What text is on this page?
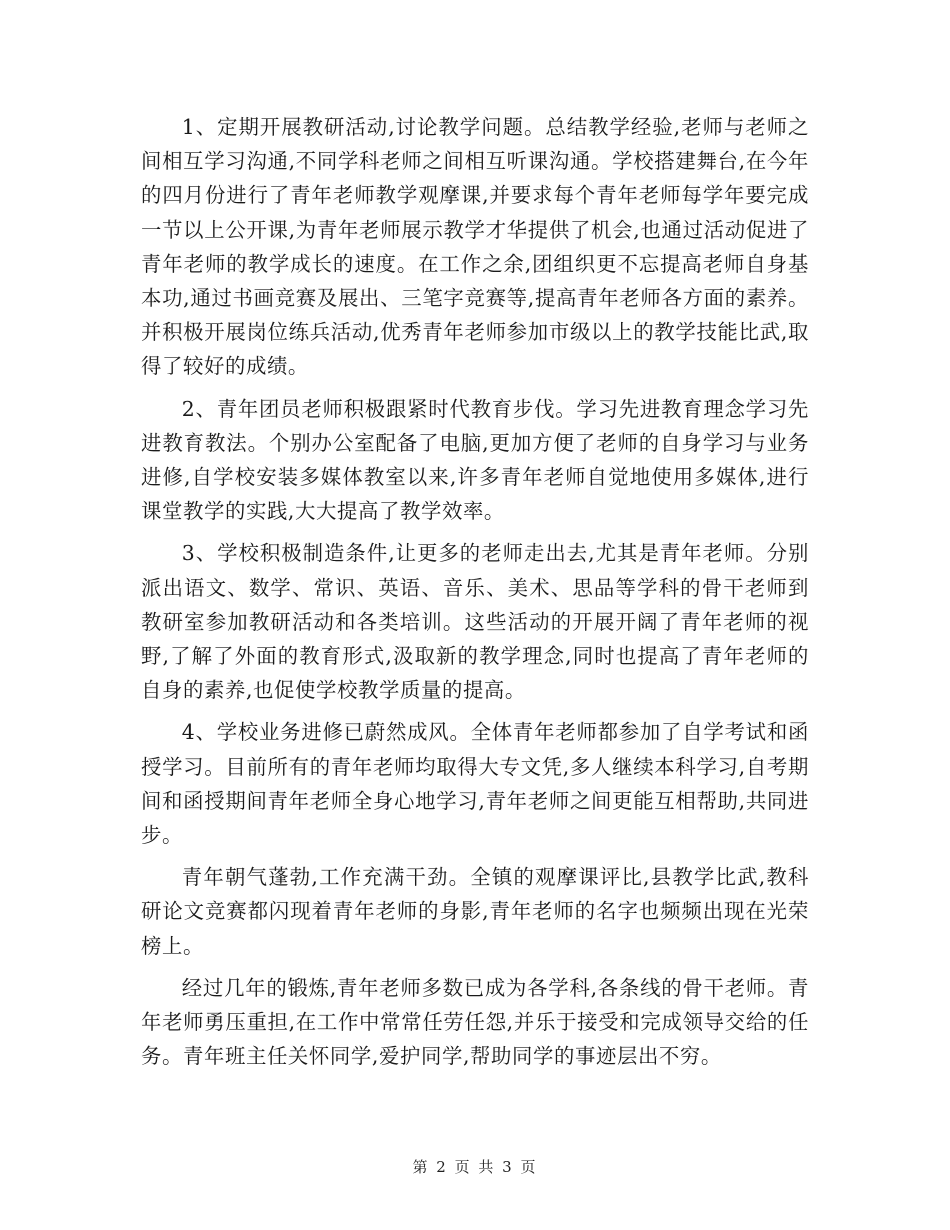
1、定期开展教研活动,讨论教学问题。总结教学经验,老师与老师之间相互学习沟通,不同学科老师之间相互听课沟通。学校搭建舞台,在今年的四月份进行了青年老师教学观摩课,并要求每个青年老师每学年要完成一节以上公开课,为青年老师展示教学才华提供了机会,也通过活动促进了青年老师的教学成长的速度。在工作之余,团组织更不忘提高老师自身基本功,通过书画竞赛及展出、三笔字竞赛等,提高青年老师各方面的素养。并积极开展岗位练兵活动,优秀青年老师参加市级以上的教学技能比武,取得了较好的成绩。

2、青年团员老师积极跟紧时代教育步伐。学习先进教育理念学习先进教育教法。个别办公室配备了电脑,更加方便了老师的自身学习与业务进修,自学校安装多媒体教室以来,许多青年老师自觉地使用多媒体,进行课堂教学的实践,大大提高了教学效率。

3、学校积极制造条件,让更多的老师走出去,尤其是青年老师。分别派出语文、数学、常识、英语、音乐、美术、思品等学科的骨干老师到教研室参加教研活动和各类培训。这些活动的开展开阔了青年老师的视野,了解了外面的教育形式,汲取新的教学理念,同时也提高了青年老师的自身的素养,也促使学校教学质量的提高。

4、学校业务进修已蔚然成风。全体青年老师都参加了自学考试和函授学习。目前所有的青年老师均取得大专文凭,多人继续本科学习,自考期间和函授期间青年老师全身心地学习,青年老师之间更能互相帮助,共同进步。

青年朝气蓬勃,工作充满干劲。全镇的观摩课评比,县教学比武,教科研论文竞赛都闪现着青年老师的身影,青年老师的名字也频频出现在光荣榜上。

经过几年的锻炼,青年老师多数已成为各学科,各条线的骨干老师。青年老师勇压重担,在工作中常常任劳任怨,并乐于接受和完成领导交给的任务。青年班主任关怀同学,爱护同学,帮助同学的事迹层出不穷。

第 2 页 共 3 页
